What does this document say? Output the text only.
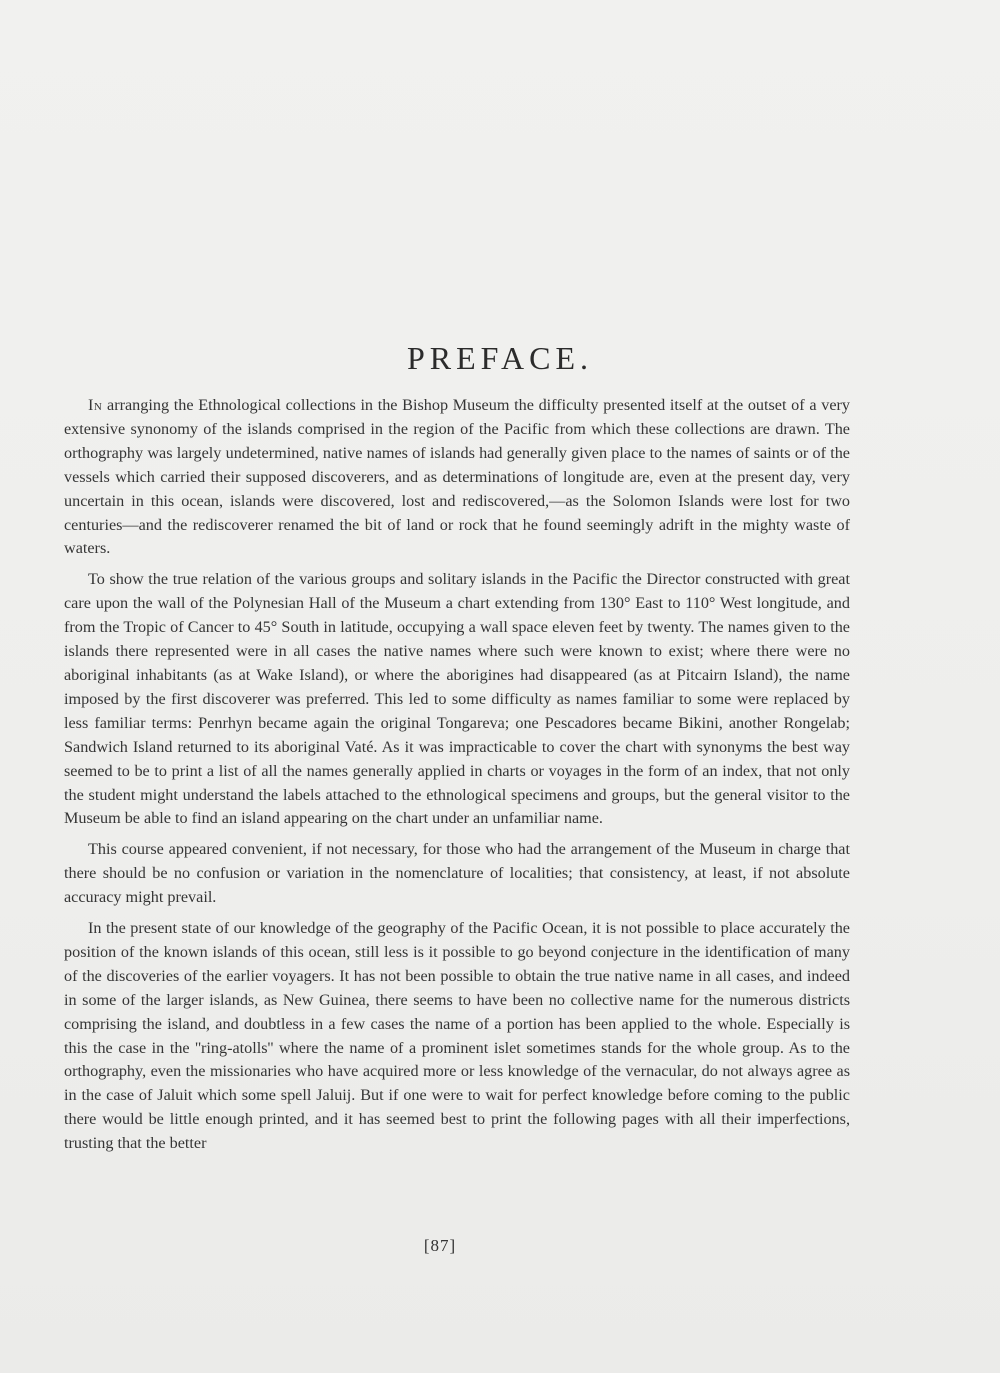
PREFACE.

In arranging the Ethnological collections in the Bishop Museum the difficulty presented itself at the outset of a very extensive synonomy of the islands comprised in the region of the Pacific from which these collections are drawn. The orthography was largely undetermined, native names of islands had generally given place to the names of saints or of the vessels which carried their supposed discoverers, and as determinations of longitude are, even at the present day, very uncertain in this ocean, islands were discovered, lost and rediscovered,—as the Solomon Islands were lost for two centuries—and the rediscoverer renamed the bit of land or rock that he found seemingly adrift in the mighty waste of waters.

To show the true relation of the various groups and solitary islands in the Pacific the Director constructed with great care upon the wall of the Polynesian Hall of the Museum a chart extending from 130° East to 110° West longitude, and from the Tropic of Cancer to 45° South in latitude, occupying a wall space eleven feet by twenty. The names given to the islands there represented were in all cases the native names where such were known to exist; where there were no aboriginal inhabitants (as at Wake Island), or where the aborigines had disappeared (as at Pitcairn Island), the name imposed by the first discoverer was preferred. This led to some difficulty as names familiar to some were replaced by less familiar terms: Penrhyn became again the original Tongareva; one Pescadores became Bikini, another Rongelab; Sandwich Island returned to its aboriginal Vaté. As it was impracticable to cover the chart with synonyms the best way seemed to be to print a list of all the names generally applied in charts or voyages in the form of an index, that not only the student might understand the labels attached to the ethnological specimens and groups, but the general visitor to the Museum be able to find an island appearing on the chart under an unfamiliar name.

This course appeared convenient, if not necessary, for those who had the arrangement of the Museum in charge that there should be no confusion or variation in the nomenclature of localities; that consistency, at least, if not absolute accuracy might prevail.

In the present state of our knowledge of the geography of the Pacific Ocean, it is not possible to place accurately the position of the known islands of this ocean, still less is it possible to go beyond conjecture in the identification of many of the discoveries of the earlier voyagers. It has not been possible to obtain the true native name in all cases, and indeed in some of the larger islands, as New Guinea, there seems to have been no collective name for the numerous districts comprising the island, and doubtless in a few cases the name of a portion has been applied to the whole. Especially is this the case in the ''ring-atolls'' where the name of a prominent islet sometimes stands for the whole group. As to the orthography, even the missionaries who have acquired more or less knowledge of the vernacular, do not always agree as in the case of Jaluit which some spell Jaluij. But if one were to wait for perfect knowledge before coming to the public there would be little enough printed, and it has seemed best to print the following pages with all their imperfections, trusting that the better

[87]
